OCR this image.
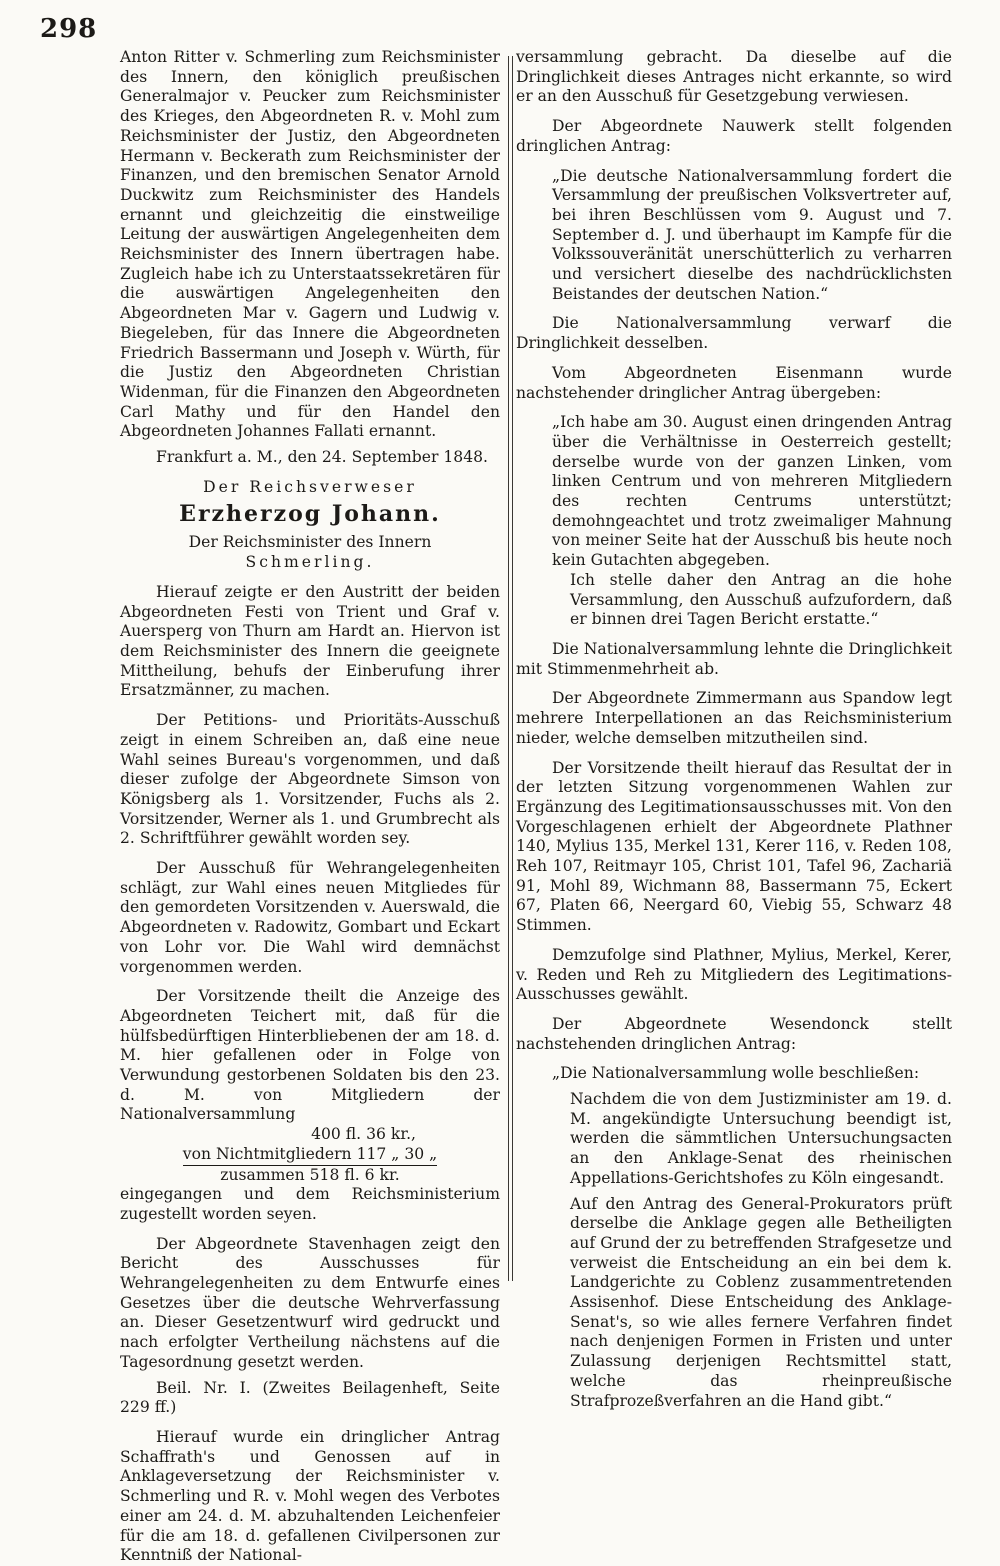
298

Anton Ritter v. Schmerling zum Reichsminister des Innern, den königlich preußischen Generalmajor v. Peucker zum Reichsminister des Krieges, den Abgeordneten R. v. Mohl zum Reichsminister der Justiz, den Abgeordneten Hermann v. Beckerath zum Reichsminister der Finanzen, und den bremischen Senator Arnold Duckwitz zum Reichsminister des Handels ernannt und gleichzeitig die einstweilige Leitung der auswärtigen Angelegenheiten dem Reichsminister des Innern übertragen habe. Zugleich habe ich zu Unterstaatssekretären für die auswärtigen Angelegenheiten den Abgeordneten Mar v. Gagern und Ludwig v. Biegeleben, für das Innere die Abgeordneten Friedrich Bassermann und Joseph v. Würth, für die Justiz den Abgeordneten Christian Widenman, für die Finanzen den Abgeordneten Carl Mathy und für den Handel den Abgeordneten Johannes Fallati ernannt.

Frankfurt a. M., den 24. September 1848.

Der Reichsverweser

Erzherzog Johann.

Der Reichsminister des Innern

Schmerling.

Hierauf zeigte er den Austritt der beiden Abgeordneten Festi von Trient und Graf v. Auersperg von Thurn am Hardt an. Hiervon ist dem Reichsminister des Innern die geeignete Mittheilung, behufs der Einberufung ihrer Ersatzmänner, zu machen.

Der Petitions- und Prioritäts-Ausschuß zeigt in einem Schreiben an, daß eine neue Wahl seines Bureau's vorgenommen, und daß dieser zufolge der Abgeordnete Simson von Königsberg als 1. Vorsitzender, Fuchs als 2. Vorsitzender, Werner als 1. und Grumbrecht als 2. Schriftführer gewählt worden sey.

Der Ausschuß für Wehrangelegenheiten schlägt, zur Wahl eines neuen Mitgliedes für den gemordeten Vorsitzenden v. Auerswald, die Abgeordneten v. Radowitz, Gombart und Eckart von Lohr vor. Die Wahl wird demnächst vorgenommen werden.

Der Vorsitzende theilt die Anzeige des Abgeordneten Teichert mit, daß für die hülfsbedürftigen Hinterbliebenen der am 18. d. M. hier gefallenen oder in Folge von Verwundung gestorbenen Soldaten bis den 23. d. M. von Mitgliedern der Nationalversammlung

400 fl. 36 kr.,
von Nichtmitgliedern 117 „ 30 „
zusammen 518 fl. 6 kr.

eingegangen und dem Reichsministerium zugestellt worden seyen.

Der Abgeordnete Stavenhagen zeigt den Bericht des Ausschusses für Wehrangelegenheiten zu dem Entwurfe eines Gesetzes über die deutsche Wehrverfassung an. Dieser Gesetzentwurf wird gedruckt und nach erfolgter Vertheilung nächstens auf die Tagesordnung gesetzt werden.

Beil. Nr. I. (Zweites Beilagenheft, Seite 229 ff.)

Hierauf wurde ein dringlicher Antrag Schaffrath's und Genossen auf in Anklageversetzung der Reichsminister v. Schmerling und R. v. Mohl wegen des Verbotes einer am 24. d. M. abzuhaltenden Leichenfeier für die am 18. d. gefallenen Civilpersonen zur Kenntniß der National-

versammlung gebracht. Da dieselbe auf die Dringlichkeit dieses Antrages nicht erkannte, so wird er an den Ausschuß für Gesetzgebung verwiesen.

Der Abgeordnete Nauwerk stellt folgenden dringlichen Antrag:

„Die deutsche Nationalversammlung fordert die Versammlung der preußischen Volksvertreter auf, bei ihren Beschlüssen vom 9. August und 7. September d. J. und überhaupt im Kampfe für die Volkssouveränität unerschütterlich zu verharren und versichert dieselbe des nachdrücklichsten Beistandes der deutschen Nation.“

Die Nationalversammlung verwarf die Dringlichkeit desselben.

Vom Abgeordneten Eisenmann wurde nachstehender dringlicher Antrag übergeben:

„Ich habe am 30. August einen dringenden Antrag über die Verhältnisse in Oesterreich gestellt; derselbe wurde von der ganzen Linken, vom linken Centrum und von mehreren Mitgliedern des rechten Centrums unterstützt; demohngeachtet und trotz zweimaliger Mahnung von meiner Seite hat der Ausschuß bis heute noch kein Gutachten abgegeben.

Ich stelle daher den Antrag an die hohe Versammlung, den Ausschuß aufzufordern, daß er binnen drei Tagen Bericht erstatte.“

Die Nationalversammlung lehnte die Dringlichkeit mit Stimmenmehrheit ab.

Der Abgeordnete Zimmermann aus Spandow legt mehrere Interpellationen an das Reichsministerium nieder, welche demselben mitzutheilen sind.

Der Vorsitzende theilt hierauf das Resultat der in der letzten Sitzung vorgenommenen Wahlen zur Ergänzung des Legitimationsausschusses mit. Von den Vorgeschlagenen erhielt der Abgeordnete Plathner 140, Mylius 135, Merkel 131, Kerer 116, v. Reden 108, Reh 107, Reitmayr 105, Christ 101, Tafel 96, Zachariä 91, Mohl 89, Wichmann 88, Bassermann 75, Eckert 67, Platen 66, Neergard 60, Viebig 55, Schwarz 48 Stimmen.

Demzufolge sind Plathner, Mylius, Merkel, Kerer, v. Reden und Reh zu Mitgliedern des Legitimations-Ausschusses gewählt.

Der Abgeordnete Wesendonck stellt nachstehenden dringlichen Antrag:

„Die Nationalversammlung wolle beschließen:

Nachdem die von dem Justizminister am 19. d. M. angekündigte Untersuchung beendigt ist, werden die sämmtlichen Untersuchungsacten an den Anklage-Senat des rheinischen Appellations-Gerichtshofes zu Köln eingesandt.

Auf den Antrag des General-Prokurators prüft derselbe die Anklage gegen alle Betheiligten auf Grund der zu betreffenden Strafgesetze und verweist die Entscheidung an ein bei dem k. Landgerichte zu Coblenz zusammentretenden Assisenhof. Diese Entscheidung des Anklage-Senat's, so wie alles fernere Verfahren findet nach denjenigen Formen in Fristen und unter Zulassung derjenigen Rechtsmittel statt, welche das rheinpreußische Strafprozeßverfahren an die Hand gibt.“
